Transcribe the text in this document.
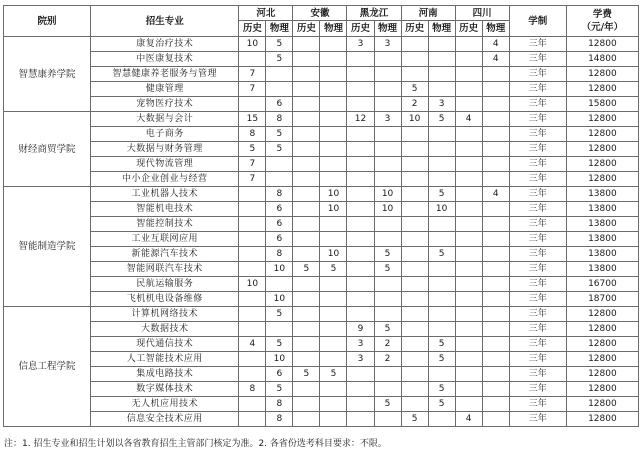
院别	招生专业	河北		安徽		黑龙江		河南		四川		学制	学费
（元/年）

		历史	物理	历史	物理	历史	物理	历史	物理	历史	物理		
智慧康养学院	康复治疗技术	10	5			3	3				4	三年	12800
	中医康复技术		5								4	三年	14800
	智慧健康养老服务与管理	7										三年	12800
	健康管理	7						5				三年	12800
	宠物医疗技术		6					2	3			三年	15800
财经商贸学院	大数据与会计	15	8			12	3	10	5	4		三年	12800
	电子商务	8	5									三年	12800
	大数据与财务管理	5	5									三年	12800
	现代物流管理	7										三年	12800
	中小企业创业与经营	7										三年	12800
智能制造学院	工业机器人技术		8		10		10		5		4	三年	13800
	智能机电技术		6		10		10		10			三年	13800
	智能控制技术		6									三年	13800
	工业互联网应用		6									三年	13800
	新能源汽车技术		8		10		5		5			三年	13800
	智能网联汽车技术		10	5	5		5					三年	13800
	民航运输服务	10										三年	16700
	飞机机电设备维修		10									三年	18700
信息工程学院	计算机网络技术		5									三年	12800
	大数据技术					9	5					三年	12800
	现代通信技术	4	5			3	2		5			三年	12800
	人工智能技术应用		10			3	2		5			三年	12800
	集成电路技术		6	5	5							三年	12800
	数字媒体技术	8	5						5			三年	12800
	无人机应用技术		8				5		5			三年	12800
	信息安全技术应用		8					5		4		三年	12800
注：1. 招生专业和招生计划以各省教育招生主管部门核定为准。2. 各省份选考科目要求：不限。
